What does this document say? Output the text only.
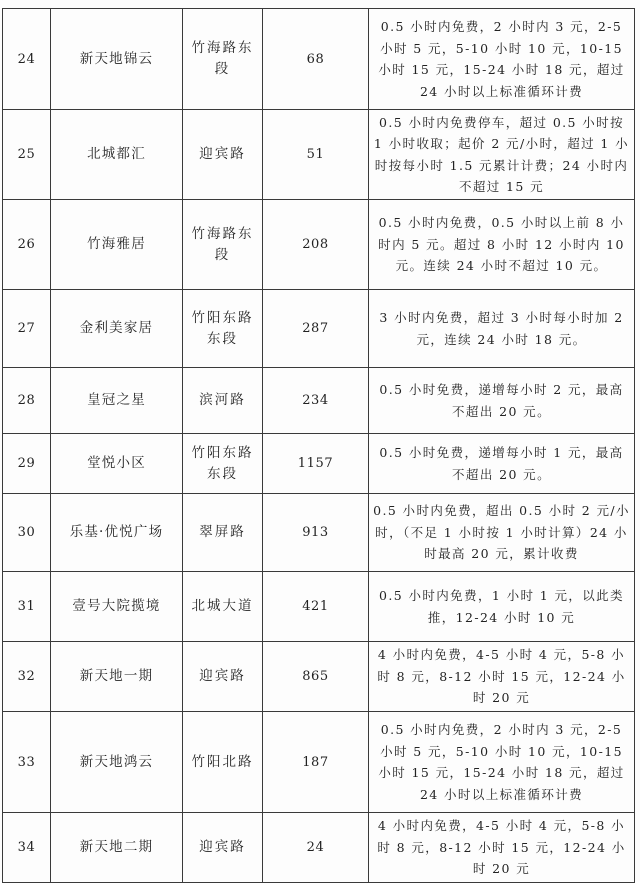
24	新天地锦云	竹海路东段	68	0.5 小时内免费，2 小时内 3 元，2-5 小时 5 元，5-10 小时 10 元，10-15 小时 15 元，15-24 小时 18 元，超过 24 小时以上标准循环计费
25	北城都汇	迎宾路	51	0.5 小时内免费停车，超过 0.5 小时按 1 小时收取；起价 2 元/小时，超过 1 小时按每小时 1.5 元累计计费；24 小时内不超过 15 元
26	竹海雅居	竹海路东段	208	0.5 小时内免费，0.5 小时以上前 8 小时内 5 元。超过 8 小时 12 小时内 10 元。连续 24 小时不超过 10 元。
27	金利美家居	竹阳东路东段	287	3 小时内免费，超过 3 小时每小时加 2 元，连续 24 小时 18 元。
28	皇冠之星	滨河路	234	0.5 小时免费，递增每小时 2 元，最高不超出 20 元。
29	堂悦小区	竹阳东路东段	1157	0.5 小时免费，递增每小时 1 元，最高不超出 20 元。
30	乐基·优悦广场	翠屏路	913	0.5 小时内免费，超出 0.5 小时 2 元/小时，（不足 1 小时按 1 小时计算）24 小时最高 20 元，累计收费
31	壹号大院揽境	北城大道	421	0.5 小时内免费，1 小时 1 元，以此类推，12-24 小时 10 元
32	新天地一期	迎宾路	865	4 小时内免费，4-5 小时 4 元，5-8 小时 8 元，8-12 小时 15 元，12-24 小时 20 元
33	新天地鸿云	竹阳北路	187	0.5 小时内免费，2 小时内 3 元，2-5 小时 5 元，5-10 小时 10 元，10-15 小时 15 元，15-24 小时 18 元，超过 24 小时以上标准循环计费
34	新天地二期	迎宾路	24	4 小时内免费，4-5 小时 4 元，5-8 小时 8 元，8-12 小时 15 元，12-24 小时 20 元
